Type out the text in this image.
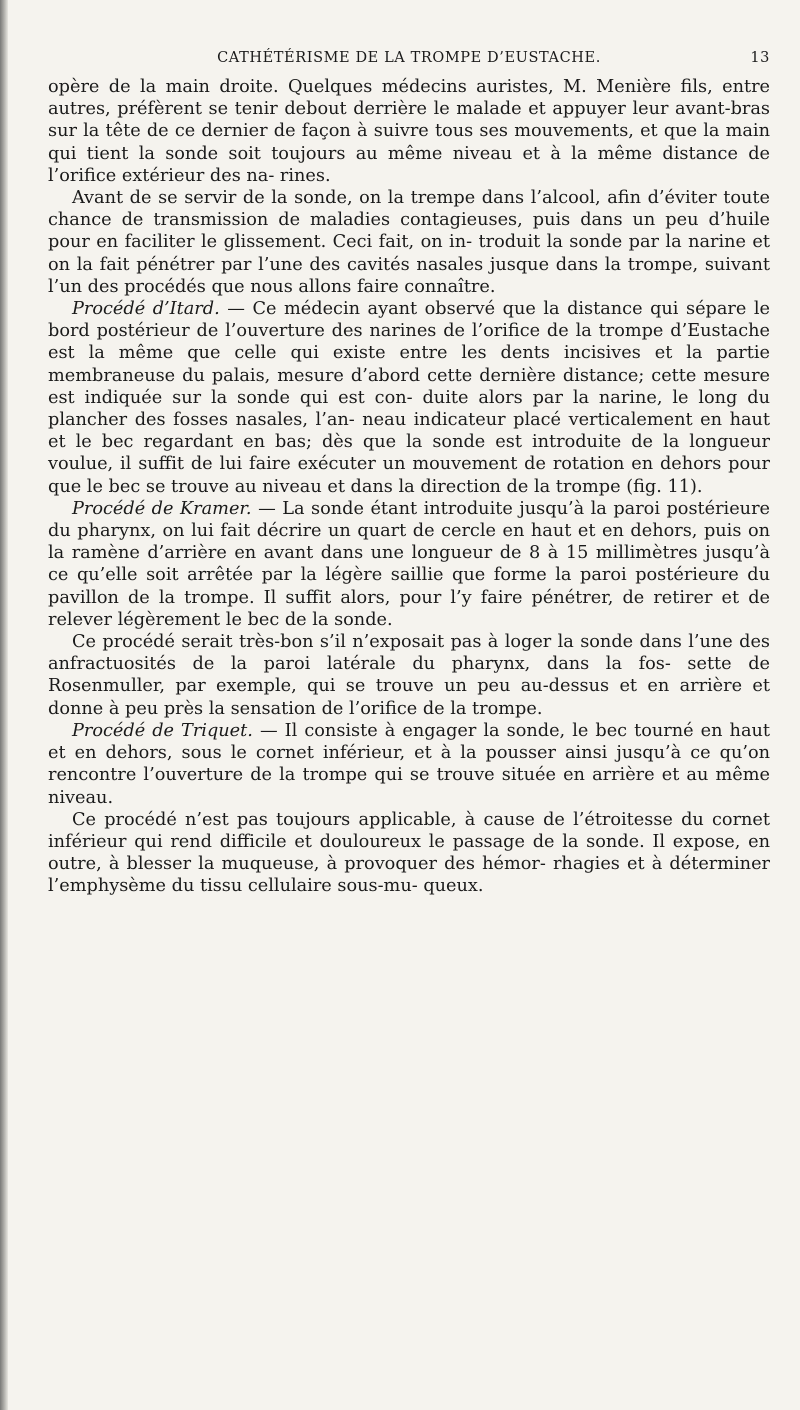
CATHÉTÉRISME DE LA TROMPE D’EUSTACHE.	13

opère de la main droite. Quelques médecins auristes, M. Menière fils, entre autres, préfèrent se tenir debout derrière le malade et appuyer leur avant-bras sur la tête de ce dernier de façon à suivre tous ses mouvements, et que la main qui tient la sonde soit toujours au même niveau et à la même distance de l’orifice extérieur des na- rines.

Avant de se servir de la sonde, on la trempe dans l’alcool, afin d’éviter toute chance de transmission de maladies contagieuses, puis dans un peu d’huile pour en faciliter le glissement. Ceci fait, on in- troduit la sonde par la narine et on la fait pénétrer par l’une des cavités nasales jusque dans la trompe, suivant l’un des procédés que nous allons faire connaître.

Procédé d’Itard. — Ce médecin ayant observé que la distance qui sépare le bord postérieur de l’ouverture des narines de l’orifice de la trompe d’Eustache est la même que celle qui existe entre les dents incisives et la partie membraneuse du palais, mesure d’abord cette dernière distance; cette mesure est indiquée sur la sonde qui est con- duite alors par la narine, le long du plancher des fosses nasales, l’an- neau indicateur placé verticalement en haut et le bec regardant en bas; dès que la sonde est introduite de la longueur voulue, il suffit de lui faire exécuter un mouvement de rotation en dehors pour que le bec se trouve au niveau et dans la direction de la trompe (fig. 11).

Procédé de Kramer. — La sonde étant introduite jusqu’à la paroi postérieure du pharynx, on lui fait décrire un quart de cercle en haut et en dehors, puis on la ramène d’arrière en avant dans une longueur de 8 à 15 millimètres jusqu’à ce qu’elle soit arrêtée par la légère saillie que forme la paroi postérieure du pavillon de la trompe. Il suffit alors, pour l’y faire pénétrer, de retirer et de relever légèrement le bec de la sonde.

Ce procédé serait très-bon s’il n’exposait pas à loger la sonde dans l’une des anfractuosités de la paroi latérale du pharynx, dans la fos- sette de Rosenmuller, par exemple, qui se trouve un peu au-dessus et en arrière et donne à peu près la sensation de l’orifice de la trompe.

Procédé de Triquet. — Il consiste à engager la sonde, le bec tourné en haut et en dehors, sous le cornet inférieur, et à la pousser ainsi jusqu’à ce qu’on rencontre l’ouverture de la trompe qui se trouve située en arrière et au même niveau.

Ce procédé n’est pas toujours applicable, à cause de l’étroitesse du cornet inférieur qui rend difficile et douloureux le passage de la sonde. Il expose, en outre, à blesser la muqueuse, à provoquer des hémor- rhagies et à déterminer l’emphysème du tissu cellulaire sous-mu- queux.
